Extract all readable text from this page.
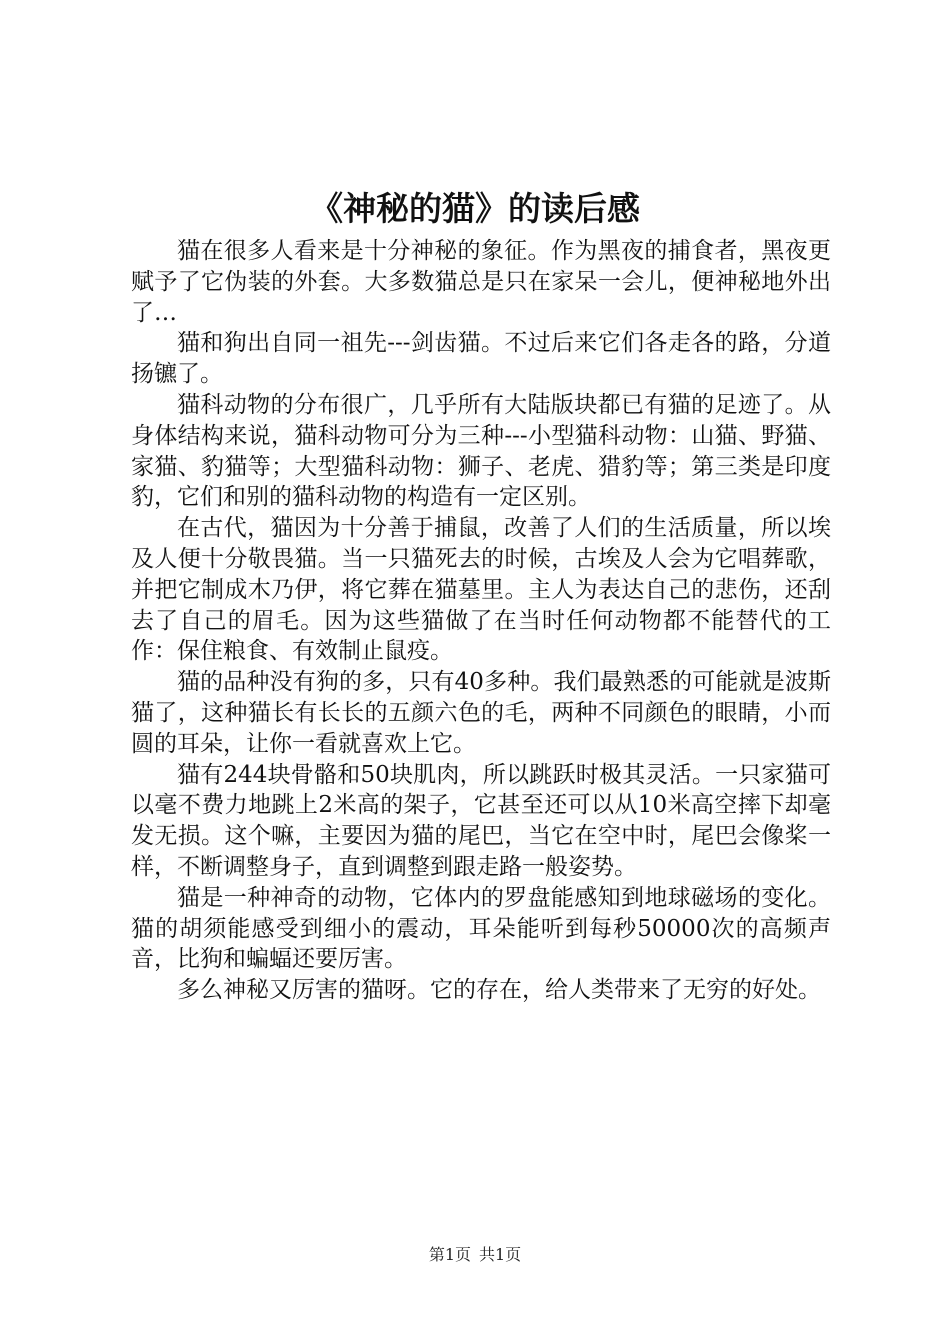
《神秘的猫》的读后感

猫在很多人看来是十分神秘的象征。作为黑夜的捕食者，黑夜更赋予了它伪装的外套。大多数猫总是只在家呆一会儿，便神秘地外出了…

猫和狗出自同一祖先---剑齿猫。不过后来它们各走各的路，分道扬镳了。

猫科动物的分布很广，几乎所有大陆版块都已有猫的足迹了。从身体结构来说，猫科动物可分为三种---小型猫科动物：山猫、野猫、家猫、豹猫等；大型猫科动物：狮子、老虎、猎豹等；第三类是印度豹，它们和别的猫科动物的构造有一定区别。

在古代，猫因为十分善于捕鼠，改善了人们的生活质量，所以埃及人便十分敬畏猫。当一只猫死去的时候，古埃及人会为它唱葬歌，并把它制成木乃伊，将它葬在猫墓里。主人为表达自己的悲伤，还刮去了自己的眉毛。因为这些猫做了在当时任何动物都不能替代的工作：保住粮食、有效制止鼠疫。

猫的品种没有狗的多，只有40多种。我们最熟悉的可能就是波斯猫了，这种猫长有长长的五颜六色的毛，两种不同颜色的眼睛，小而圆的耳朵，让你一看就喜欢上它。

猫有244块骨骼和50块肌肉，所以跳跃时极其灵活。一只家猫可以毫不费力地跳上2米高的架子，它甚至还可以从10米高空摔下却毫发无损。这个嘛，主要因为猫的尾巴，当它在空中时，尾巴会像桨一样，不断调整身子，直到调整到跟走路一般姿势。

猫是一种神奇的动物，它体内的罗盘能感知到地球磁场的变化。猫的胡须能感受到细小的震动，耳朵能听到每秒50000次的高频声音，比狗和蝙蝠还要厉害。

多么神秘又厉害的猫呀。它的存在，给人类带来了无穷的好处。

第1页 共1页
